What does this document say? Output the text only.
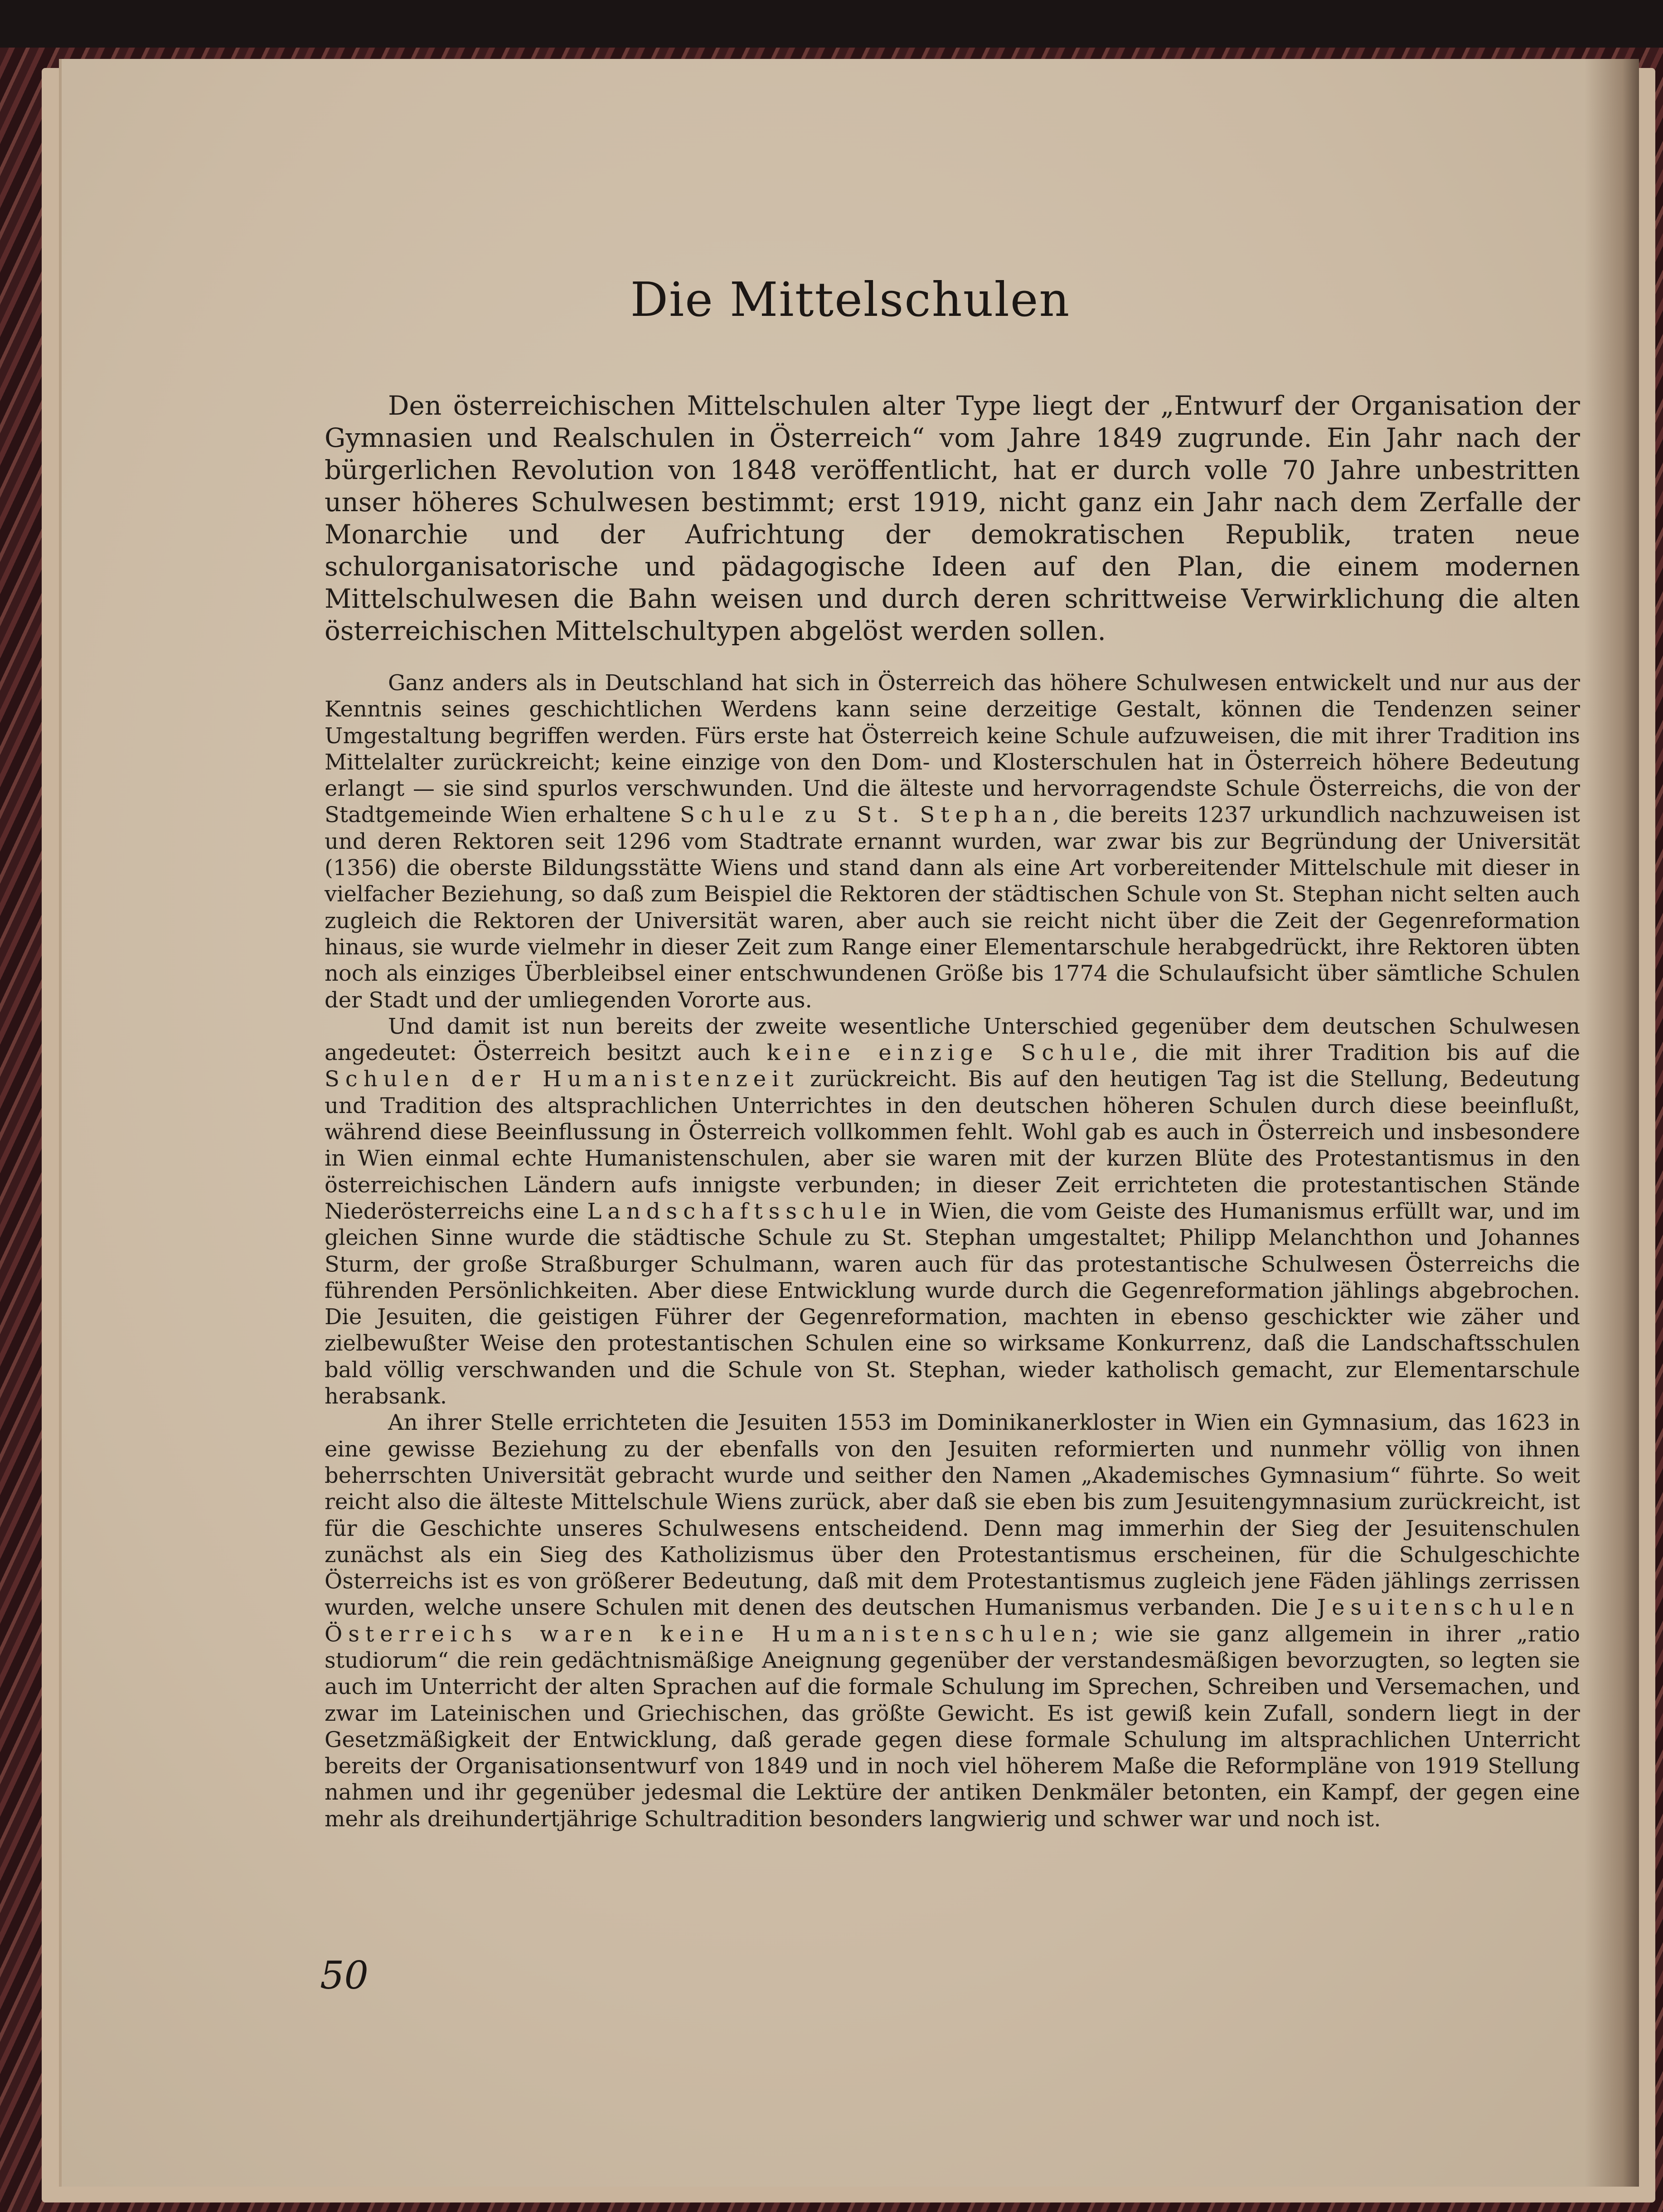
Die Mittelschulen

Den österreichischen Mittelschulen alter Type liegt der „Entwurf der Organisation der Gymnasien und Realschulen in Österreich“ vom Jahre 1849 zugrunde. Ein Jahr nach der bürgerlichen Revolution von 1848 veröffentlicht, hat er durch volle 70 Jahre unbestritten unser höheres Schulwesen bestimmt; erst 1919, nicht ganz ein Jahr nach dem Zerfalle der Monarchie und der Aufrichtung der demokratischen Republik, traten neue schulorganisatorische und pädagogische Ideen auf den Plan, die einem modernen Mittelschulwesen die Bahn weisen und durch deren schrittweise Verwirklichung die alten österreichischen Mittelschultypen abgelöst werden sollen.

Ganz anders als in Deutschland hat sich in Österreich das höhere Schulwesen entwickelt und nur aus der Kenntnis seines geschichtlichen Werdens kann seine derzeitige Gestalt, können die Tendenzen seiner Umgestaltung begriffen werden. Fürs erste hat Österreich keine Schule aufzuweisen, die mit ihrer Tradition ins Mittelalter zurückreicht; keine einzige von den Dom- und Klosterschulen hat in Österreich höhere Bedeutung erlangt — sie sind spurlos verschwunden. Und die älteste und hervorragendste Schule Österreichs, die von der Stadtgemeinde Wien erhaltene Schule zu St. Stephan, die bereits 1237 urkundlich nachzuweisen ist und deren Rektoren seit 1296 vom Stadtrate ernannt wurden, war zwar bis zur Begründung der Universität (1356) die oberste Bildungsstätte Wiens und stand dann als eine Art vorbereitender Mittelschule mit dieser in vielfacher Beziehung, so daß zum Beispiel die Rektoren der städtischen Schule von St. Stephan nicht selten auch zugleich die Rektoren der Universität waren, aber auch sie reicht nicht über die Zeit der Gegenreformation hinaus, sie wurde vielmehr in dieser Zeit zum Range einer Elementarschule herabgedrückt, ihre Rektoren übten noch als einziges Überbleibsel einer entschwundenen Größe bis 1774 die Schulaufsicht über sämtliche Schulen der Stadt und der umliegenden Vororte aus.

Und damit ist nun bereits der zweite wesentliche Unterschied gegenüber dem deutschen Schulwesen angedeutet: Österreich besitzt auch keine einzige Schule, die mit ihrer Tradition bis auf die Schulen der Humanistenzeit zurückreicht. Bis auf den heutigen Tag ist die Stellung, Bedeutung und Tradition des altsprachlichen Unterrichtes in den deutschen höheren Schulen durch diese beeinflußt, während diese Beeinflussung in Österreich vollkommen fehlt. Wohl gab es auch in Österreich und insbesondere in Wien einmal echte Humanistenschulen, aber sie waren mit der kurzen Blüte des Protestantismus in den österreichischen Ländern aufs innigste verbunden; in dieser Zeit errichteten die protestantischen Stände Niederösterreichs eine Landschaftsschule in Wien, die vom Geiste des Humanismus erfüllt war, und im gleichen Sinne wurde die städtische Schule zu St. Stephan umgestaltet; Philipp Melanchthon und Johannes Sturm, der große Straßburger Schulmann, waren auch für das protestantische Schulwesen Österreichs die führenden Persönlichkeiten. Aber diese Entwicklung wurde durch die Gegenreformation jählings abgebrochen. Die Jesuiten, die geistigen Führer der Gegenreformation, machten in ebenso geschickter wie zäher und zielbewußter Weise den protestantischen Schulen eine so wirksame Konkurrenz, daß die Landschaftsschulen bald völlig verschwanden und die Schule von St. Stephan, wieder katholisch gemacht, zur Elementarschule herabsank.

An ihrer Stelle errichteten die Jesuiten 1553 im Dominikanerkloster in Wien ein Gymnasium, das 1623 in eine gewisse Beziehung zu der ebenfalls von den Jesuiten reformierten und nunmehr völlig von ihnen beherrschten Universität gebracht wurde und seither den Namen „Akademisches Gymnasium“ führte. So weit reicht also die älteste Mittelschule Wiens zurück, aber daß sie eben bis zum Jesuitengymnasium zurückreicht, ist für die Geschichte unseres Schulwesens entscheidend. Denn mag immerhin der Sieg der Jesuitenschulen zunächst als ein Sieg des Katholizismus über den Protestantismus erscheinen, für die Schulgeschichte Österreichs ist es von größerer Bedeutung, daß mit dem Protestantismus zugleich jene Fäden jählings zerrissen wurden, welche unsere Schulen mit denen des deutschen Humanismus verbanden. Die Jesuitenschulen Österreichs waren keine Humanistenschulen; wie sie ganz allgemein in ihrer „ratio studiorum“ die rein gedächtnismäßige Aneignung gegenüber der verstandesmäßigen bevorzugten, so legten sie auch im Unterricht der alten Sprachen auf die formale Schulung im Sprechen, Schreiben und Versemachen, und zwar im Lateinischen und Griechischen, das größte Gewicht. Es ist gewiß kein Zufall, sondern liegt in der Gesetzmäßigkeit der Entwicklung, daß gerade gegen diese formale Schulung im altsprachlichen Unterricht bereits der Organisationsentwurf von 1849 und in noch viel höherem Maße die Reformpläne von 1919 Stellung nahmen und ihr gegenüber jedesmal die Lektüre der antiken Denkmäler betonten, ein Kampf, der gegen eine mehr als dreihundertjährige Schultradition besonders langwierig und schwer war und noch ist.

50
